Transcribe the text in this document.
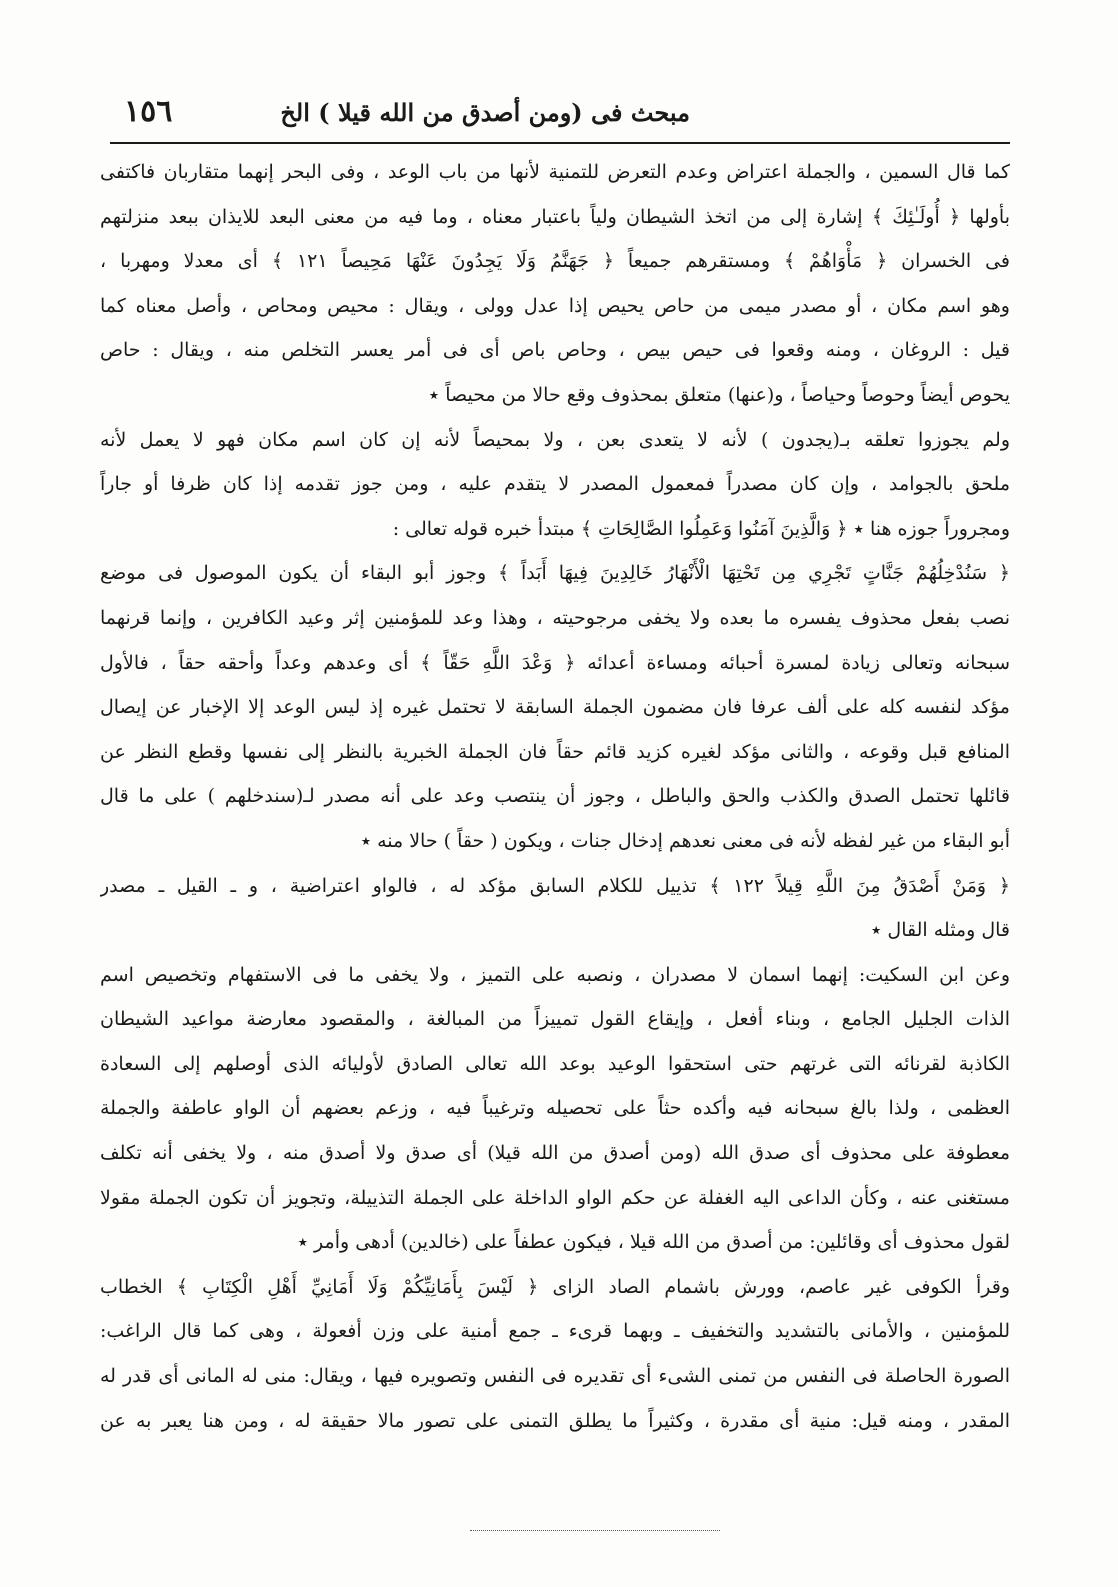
مبحث فى (ومن أصدق من الله قيلا ) الخ
١٥٦
كما قال السمين ، والجملة اعتراض وعدم التعرض للتمنية لأنها من باب الوعد ، وفى البحر إنهما متقاربان فاكتفى
بأولها ﴿ أُولَـٰئِكَ ﴾ إشارة إلى من اتخذ الشيطان ولياً باعتبار معناه ، وما فيه من معنى البعد للايذان ببعد منزلتهم
فى الخسران ﴿ مَأْوَاهُمْ ﴾ ومستقرهم جميعاً ﴿ جَهَنَّمُ وَلَا يَجِدُونَ عَنْهَا مَحِيصاً ١٢١ ﴾ أى معدلا ومهربا ،
وهو اسم مكان ، أو مصدر ميمى من حاص يحيص إذا عدل وولى ، ويقال : محيص ومحاص ، وأصل معناه كما
قيل : الروغان ، ومنه وقعوا فى حيص بيص ، وحاص باص أى فى أمر يعسر التخلص منه ، ويقال : حاص
يحوص أيضاً وحوصاً وحياصاً ، و(عنها) متعلق بمحذوف وقع حالا من محيصاً ٭
ولم يجوزوا تعلقه بـ(يجدون ) لأنه لا يتعدى بعن ، ولا بمحيصاً لأنه إن كان اسم مكان فهو لا يعمل لأنه
ملحق بالجوامد ، وإن كان مصدراً فمعمول المصدر لا يتقدم عليه ، ومن جوز تقدمه إذا كان ظرفا أو جاراً
ومجروراً جوزه هنا ٭ ﴿ وَالَّذِينَ آمَنُوا وَعَمِلُوا الصَّالِحَاتِ ﴾ مبتدأ خبره قوله تعالى :
﴿ سَنُدْخِلُهُمْ جَنَّاتٍ تَجْرِي مِن تَحْتِهَا الْأَنْهَارُ خَالِدِينَ فِيهَا أَبَداً ﴾ وجوز أبو البقاء أن يكون الموصول فى موضع
نصب بفعل محذوف يفسره ما بعده ولا يخفى مرجوحيته ، وهذا وعد للمؤمنين إثر وعيد الكافرين ، وإنما قرنهما
سبحانه وتعالى زيادة لمسرة أحبائه ومساءة أعدائه ﴿ وَعْدَ اللَّهِ حَقّاً ﴾ أى وعدهم وعداً وأحقه حقاً ، فالأول
مؤكد لنفسه كله على ألف عرفا فان مضمون الجملة السابقة لا تحتمل غيره إذ ليس الوعد إلا الإخبار عن إيصال
المنافع قبل وقوعه ، والثانى مؤكد لغيره كزيد قائم حقاً فان الجملة الخبرية بالنظر إلى نفسها وقطع النظر عن
قائلها تحتمل الصدق والكذب والحق والباطل ، وجوز أن ينتصب وعد على أنه مصدر لـ(سندخلهم ) على ما قال
أبو البقاء من غير لفظه لأنه فى معنى نعدهم إدخال جنات ، ويكون ( حقاً ) حالا منه ٭
﴿ وَمَنْ أَصْدَقُ مِنَ اللَّهِ قِيلاً ١٢٢ ﴾ تذييل للكلام السابق مؤكد له ، فالواو اعتراضية ، و ـ القيل ـ مصدر
قال ومثله القال ٭
وعن ابن السكيت: إنهما اسمان لا مصدران ، ونصبه على التميز ، ولا يخفى ما فى الاستفهام وتخصيص اسم
الذات الجليل الجامع ، وبناء أفعل ، وإيقاع القول تمييزاً من المبالغة ، والمقصود معارضة مواعيد الشيطان
الكاذبة لقرنائه التى غرتهم حتى استحقوا الوعيد بوعد الله تعالى الصادق لأوليائه الذى أوصلهم إلى السعادة
العظمى ، ولذا بالغ سبحانه فيه وأكده حثاً على تحصيله وترغيباً فيه ، وزعم بعضهم أن الواو عاطفة والجملة
معطوفة على محذوف أى صدق الله (ومن أصدق من الله قيلا) أى صدق ولا أصدق منه ، ولا يخفى أنه تكلف
مستغنى عنه ، وكأن الداعى اليه الغفلة عن حكم الواو الداخلة على الجملة التذييلة، وتجويز أن تكون الجملة مقولا
لقول محذوف أى وقائلين: من أصدق من الله قيلا ، فيكون عطفاً على (خالدين) أدهى وأمر ٭
وقرأ الكوفى غير عاصم، وورش باشمام الصاد الزاى ﴿ لَيْسَ بِأَمَانِيِّكُمْ وَلَا أَمَانِيِّ أَهْلِ الْكِتَابِ ﴾ الخطاب
للمؤمنين ، والأمانى بالتشديد والتخفيف ـ وبهما قرىء ـ جمع أمنية على وزن أفعولة ، وهى كما قال الراغب:
الصورة الحاصلة فى النفس من تمنى الشىء أى تقديره فى النفس وتصويره فيها ، ويقال: منى له المانى أى قدر له
المقدر ، ومنه قيل: منية أى مقدرة ، وكثيراً ما يطلق التمنى على تصور مالا حقيقة له ، ومن هنا يعبر به عن
